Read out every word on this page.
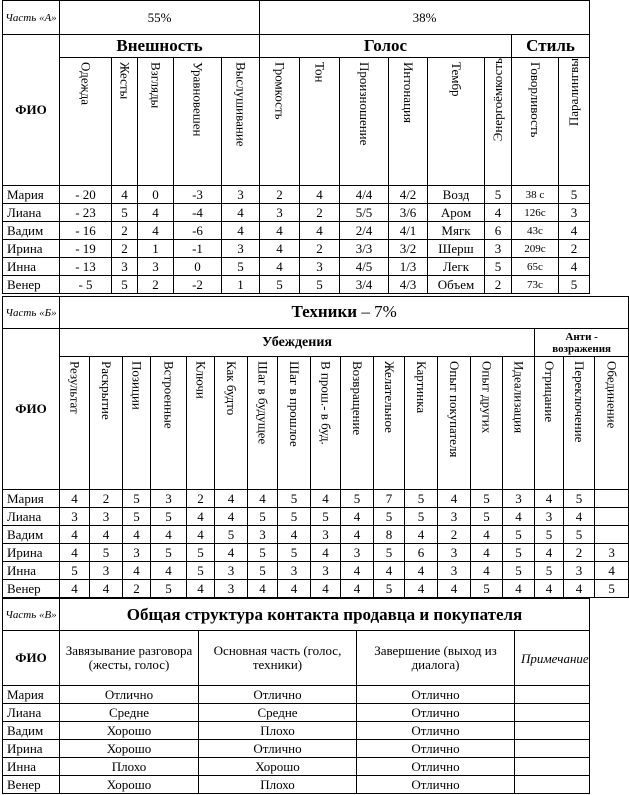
Часть «А»	55%					38%							
ФИО	Внешность					Голос						Стиль	

	Одежда	Жесты	Взгляды	Уравновешен	Выслушивание	Громкость	Тон	Произношение	Интонация	Тембр	Энергоёмкость	Говорливость	Паралингвы

Мария	- 20	4	0	-3	3	2	4	4/4	4/2	Возд	5	38 с	5
Лиана	- 23	5	4	-4	4	3	2	5/5	3/6	Аром	4	126с	3
Вадим	- 16	2	4	-6	4	4	4	2/4	4/1	Мягк	6	43с	4
Ирина	- 19	2	1	-1	3	4	2	3/3	3/2	Шерш	3	209с	2
Инна	- 13	3	3	0	5	4	3	4/5	1/3	Легк	5	65с	4
Венер	- 5	5	2	-2	1	5	5	3/4	4/3	Объем	2	73с	5
Часть «Б»	Техники – 7%																	
ФИО	Убеждения															Анти - возражения		

	Результат	Раскрытие	Позиции	Встроенные	Ключи	Как будто	Шаг в будущее	Шаг в прошлое	В прош.- в буд.	Возвращение	Желательное	Картинка	Опыт покупателя	Опыт других	Идеализация	Отрицание	Переключение	Обединение

Мария	4	2	5	3	2	4	4	5	4	5	7	5	4	5	3	4	5	
Лиана	3	3	5	5	4	4	5	5	5	4	5	5	3	5	4	3	4	
Вадим	4	4	4	4	4	5	3	4	3	4	8	4	2	4	5	5	5	
Ирина	4	5	3	5	5	4	5	5	4	3	5	6	3	4	5	4	2	3
Инна	5	3	4	4	5	3	5	3	3	4	4	4	3	4	5	5	3	4
Венер	4	4	2	5	4	3	4	4	4	4	5	4	4	5	4	4	4	5
Часть «В»	Общая структура контакта продавца и покупателя			
ФИО	Завязывание разговора (жесты, голос)	Основная часть (голос, техники)	Завершение (выход из диалога)	Примечание
Мария	Отлично	Отлично	Отлично	
Лиана	Средне	Средне	Отлично	
Вадим	Хорошо	Плохо	Отлично	
Ирина	Хорошо	Отлично	Отлично	
Инна	Плохо	Хорошо	Отлично	
Венер	Хорошо	Плохо	Отлично	
